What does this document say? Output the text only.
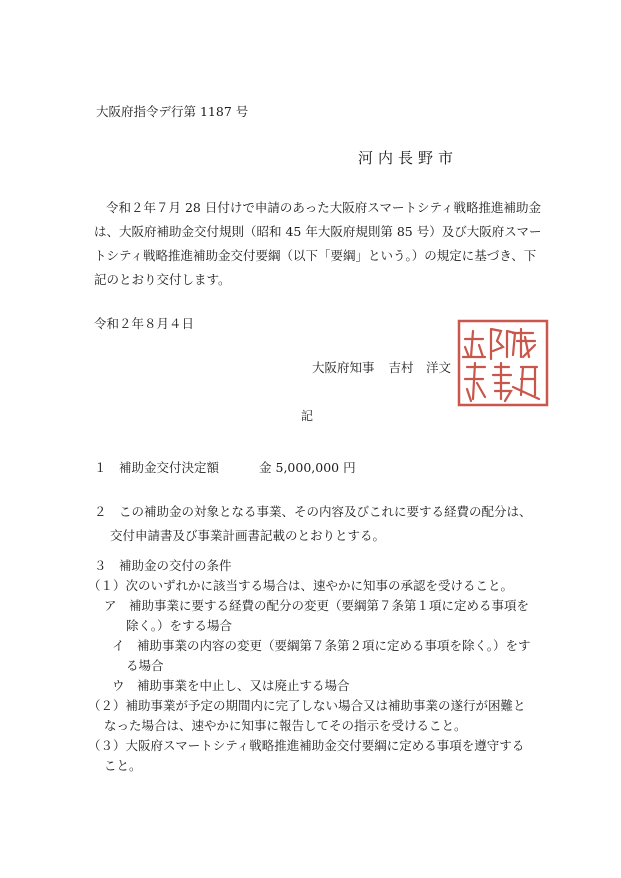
大阪府指令デ行第 1187 号
河内長野市
令和２年７月 28 日付けで申請のあった大阪府スマートシティ戦略推進補助金
は、大阪府補助金交付規則（昭和 45 年大阪府規則第 85 号）及び大阪府スマー
トシティ戦略推進補助金交付要綱（以下「要綱」という。）の規定に基づき、下
記のとおり交付します。
令和２年８月４日
大阪府知事 吉村　洋文
記
１　補助金交付決定額	金 5,000,000 円
２　この補助金の対象となる事業、その内容及びこれに要する経費の配分は、
交付申請書及び事業計画書記載のとおりとする。
３　補助金の交付の条件
（１）次のいずれかに該当する場合は、速やかに知事の承認を受けること。
ア　補助事業に要する経費の配分の変更（要綱第７条第１項に定める事項を
除く。）をする場合
イ　補助事業の内容の変更（要綱第７条第２項に定める事項を除く。）をす
る場合
ウ　補助事業を中止し、又は廃止する場合
（２）補助事業が予定の期間内に完了しない場合又は補助事業の遂行が困難と
なった場合は、速やかに知事に報告してその指示を受けること。
（３）大阪府スマートシティ戦略推進補助金交付要綱に定める事項を遵守する
こと。
